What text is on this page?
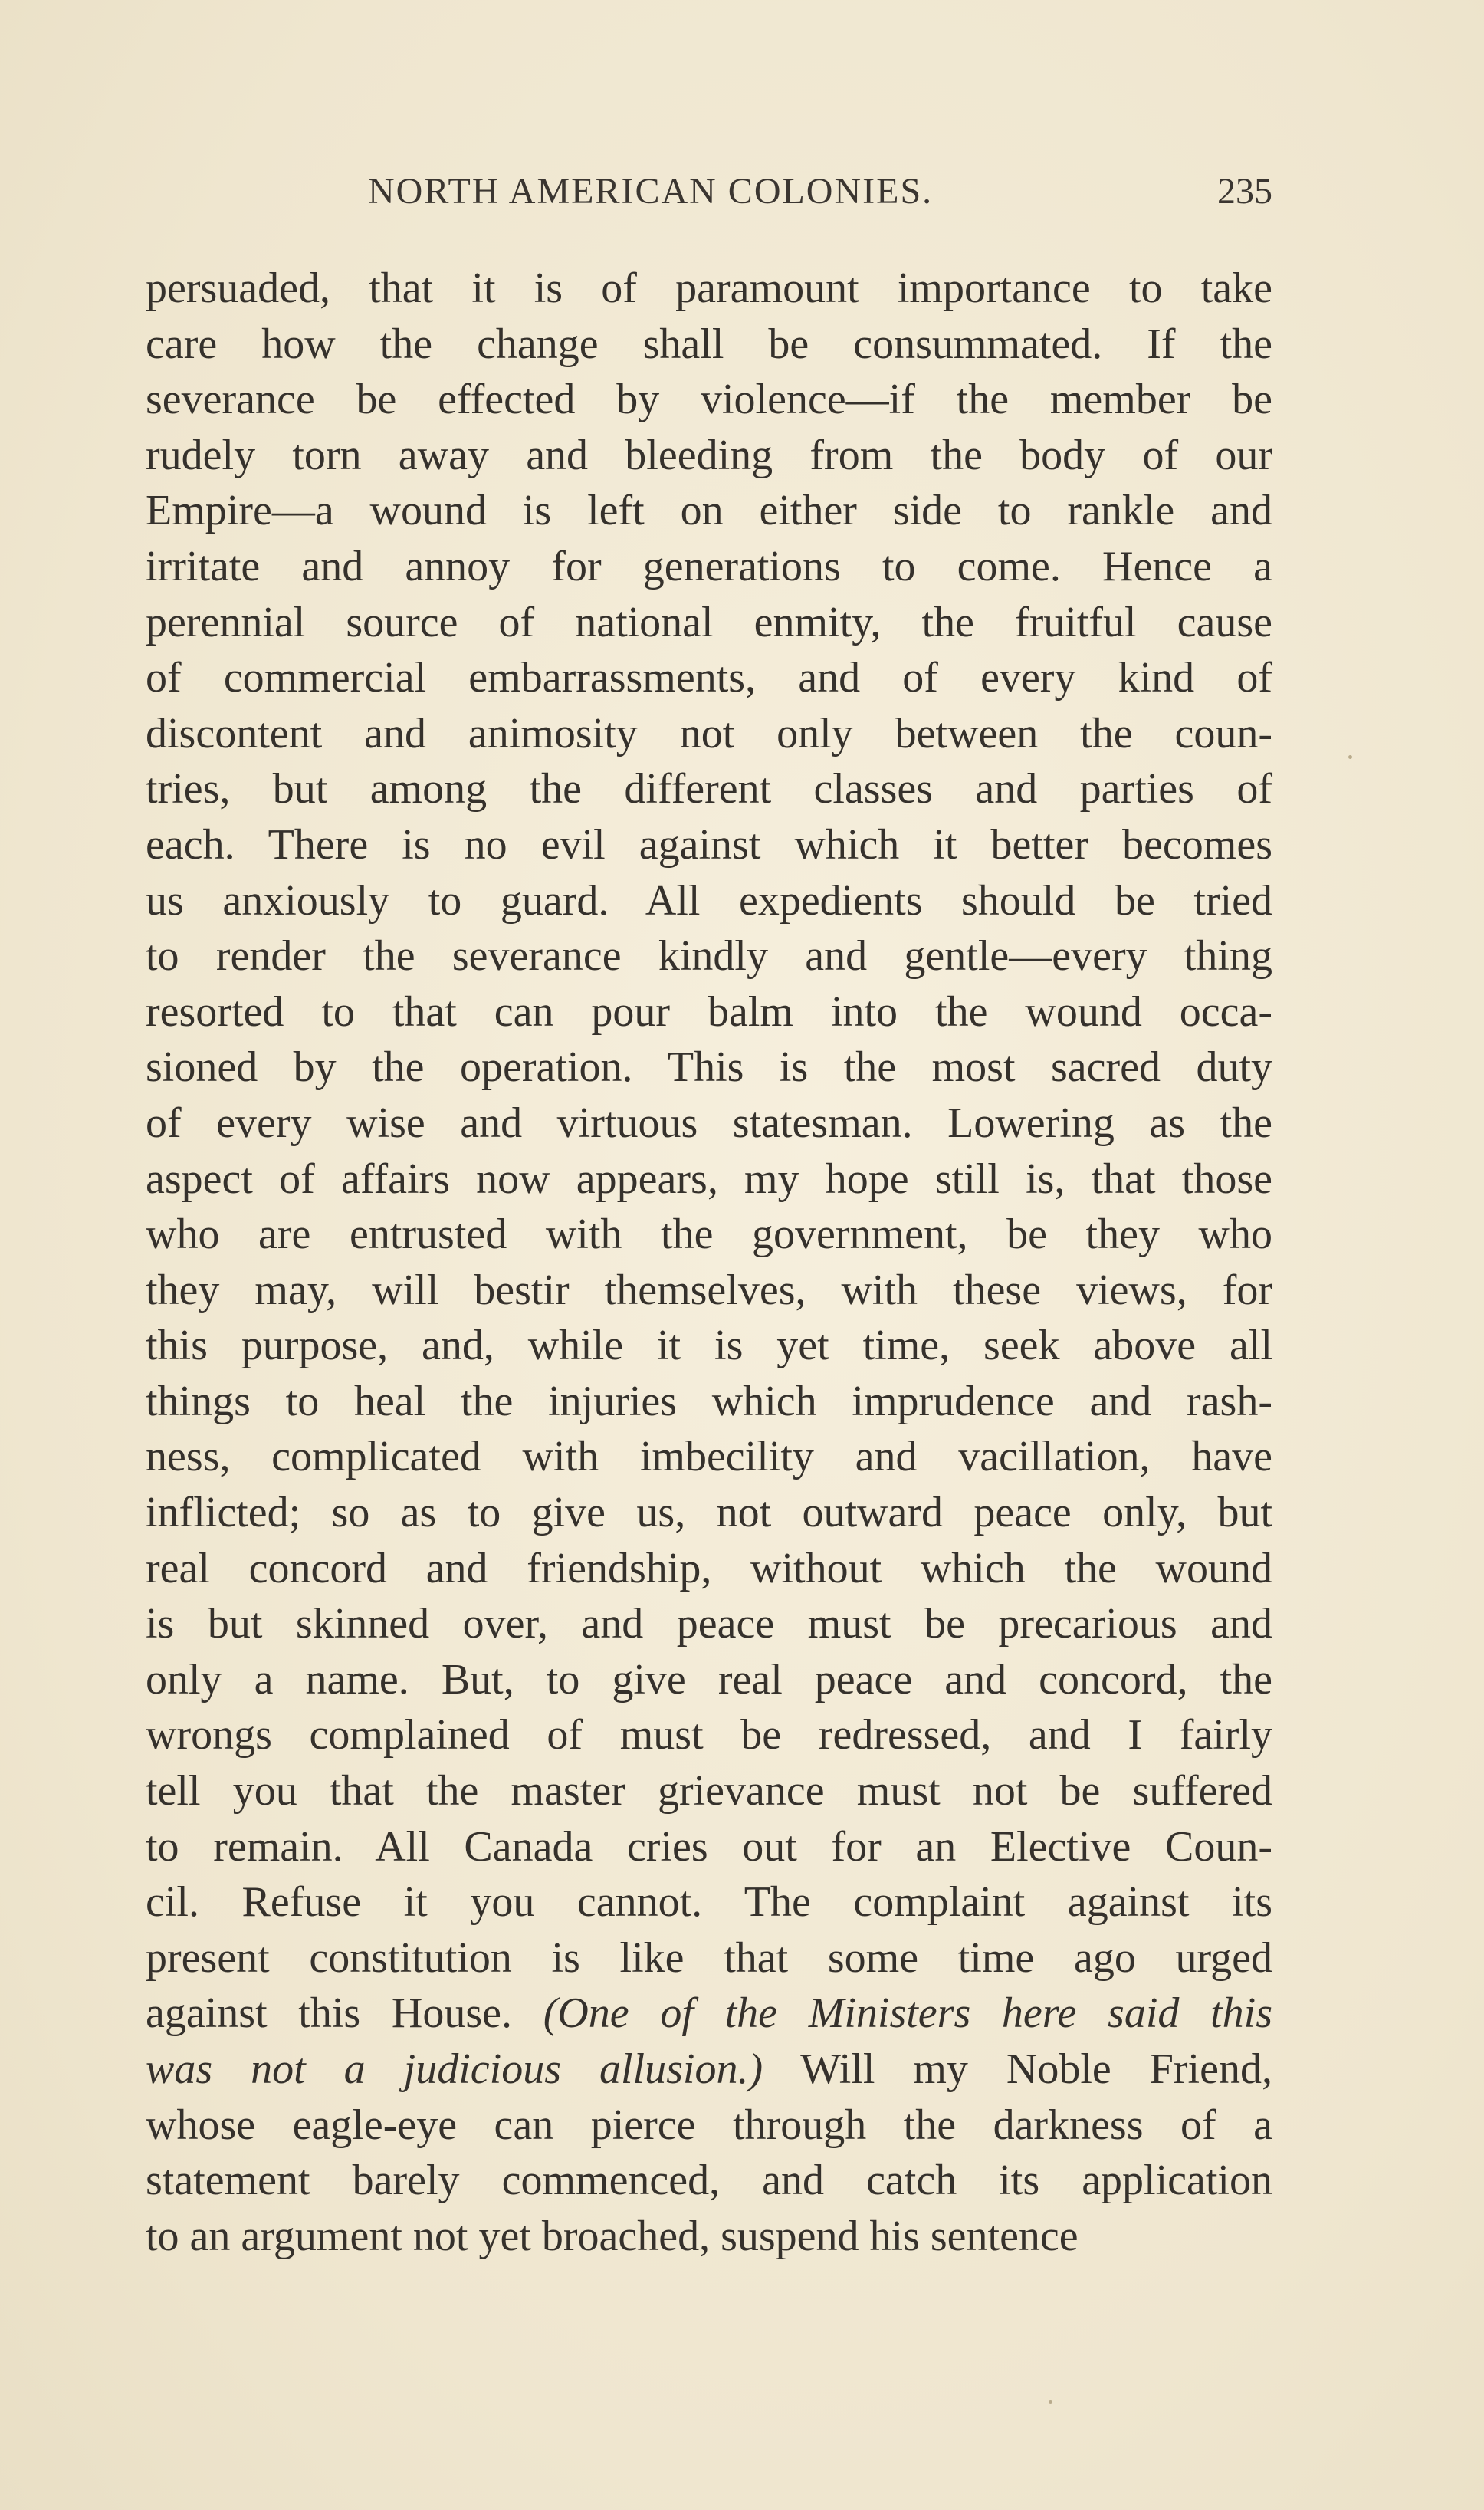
NORTH AMERICAN COLONIES.	235
persuaded, that it is of paramount importance to take
care how the change shall be consummated. If the
severance be effected by violence—if the member be
rudely torn away and bleeding from the body of our
Empire—a wound is left on either side to rankle and
irritate and annoy for generations to come. Hence a
perennial source of national enmity, the fruitful cause
of commercial embarrassments, and of every kind of
discontent and animosity not only between the coun-
tries, but among the different classes and parties of
each. There is no evil against which it better becomes
us anxiously to guard. All expedients should be tried
to render the severance kindly and gentle—every thing
resorted to that can pour balm into the wound occa-
sioned by the operation. This is the most sacred duty
of every wise and virtuous statesman. Lowering as the
aspect of affairs now appears, my hope still is, that those
who are entrusted with the government, be they who
they may, will bestir themselves, with these views, for
this purpose, and, while it is yet time, seek above all
things to heal the injuries which imprudence and rash-
ness, complicated with imbecility and vacillation, have
inflicted; so as to give us, not outward peace only, but
real concord and friendship, without which the wound
is but skinned over, and peace must be precarious and
only a name. But, to give real peace and concord, the
wrongs complained of must be redressed, and I fairly
tell you that the master grievance must not be suffered
to remain. All Canada cries out for an Elective Coun-
cil. Refuse it you cannot. The complaint against its
present constitution is like that some time ago urged
against this House. (One of the Ministers here said this
was not a judicious allusion.) Will my Noble Friend,
whose eagle-eye can pierce through the darkness of a
statement barely commenced, and catch its application
to an argument not yet broached, suspend his sentence
